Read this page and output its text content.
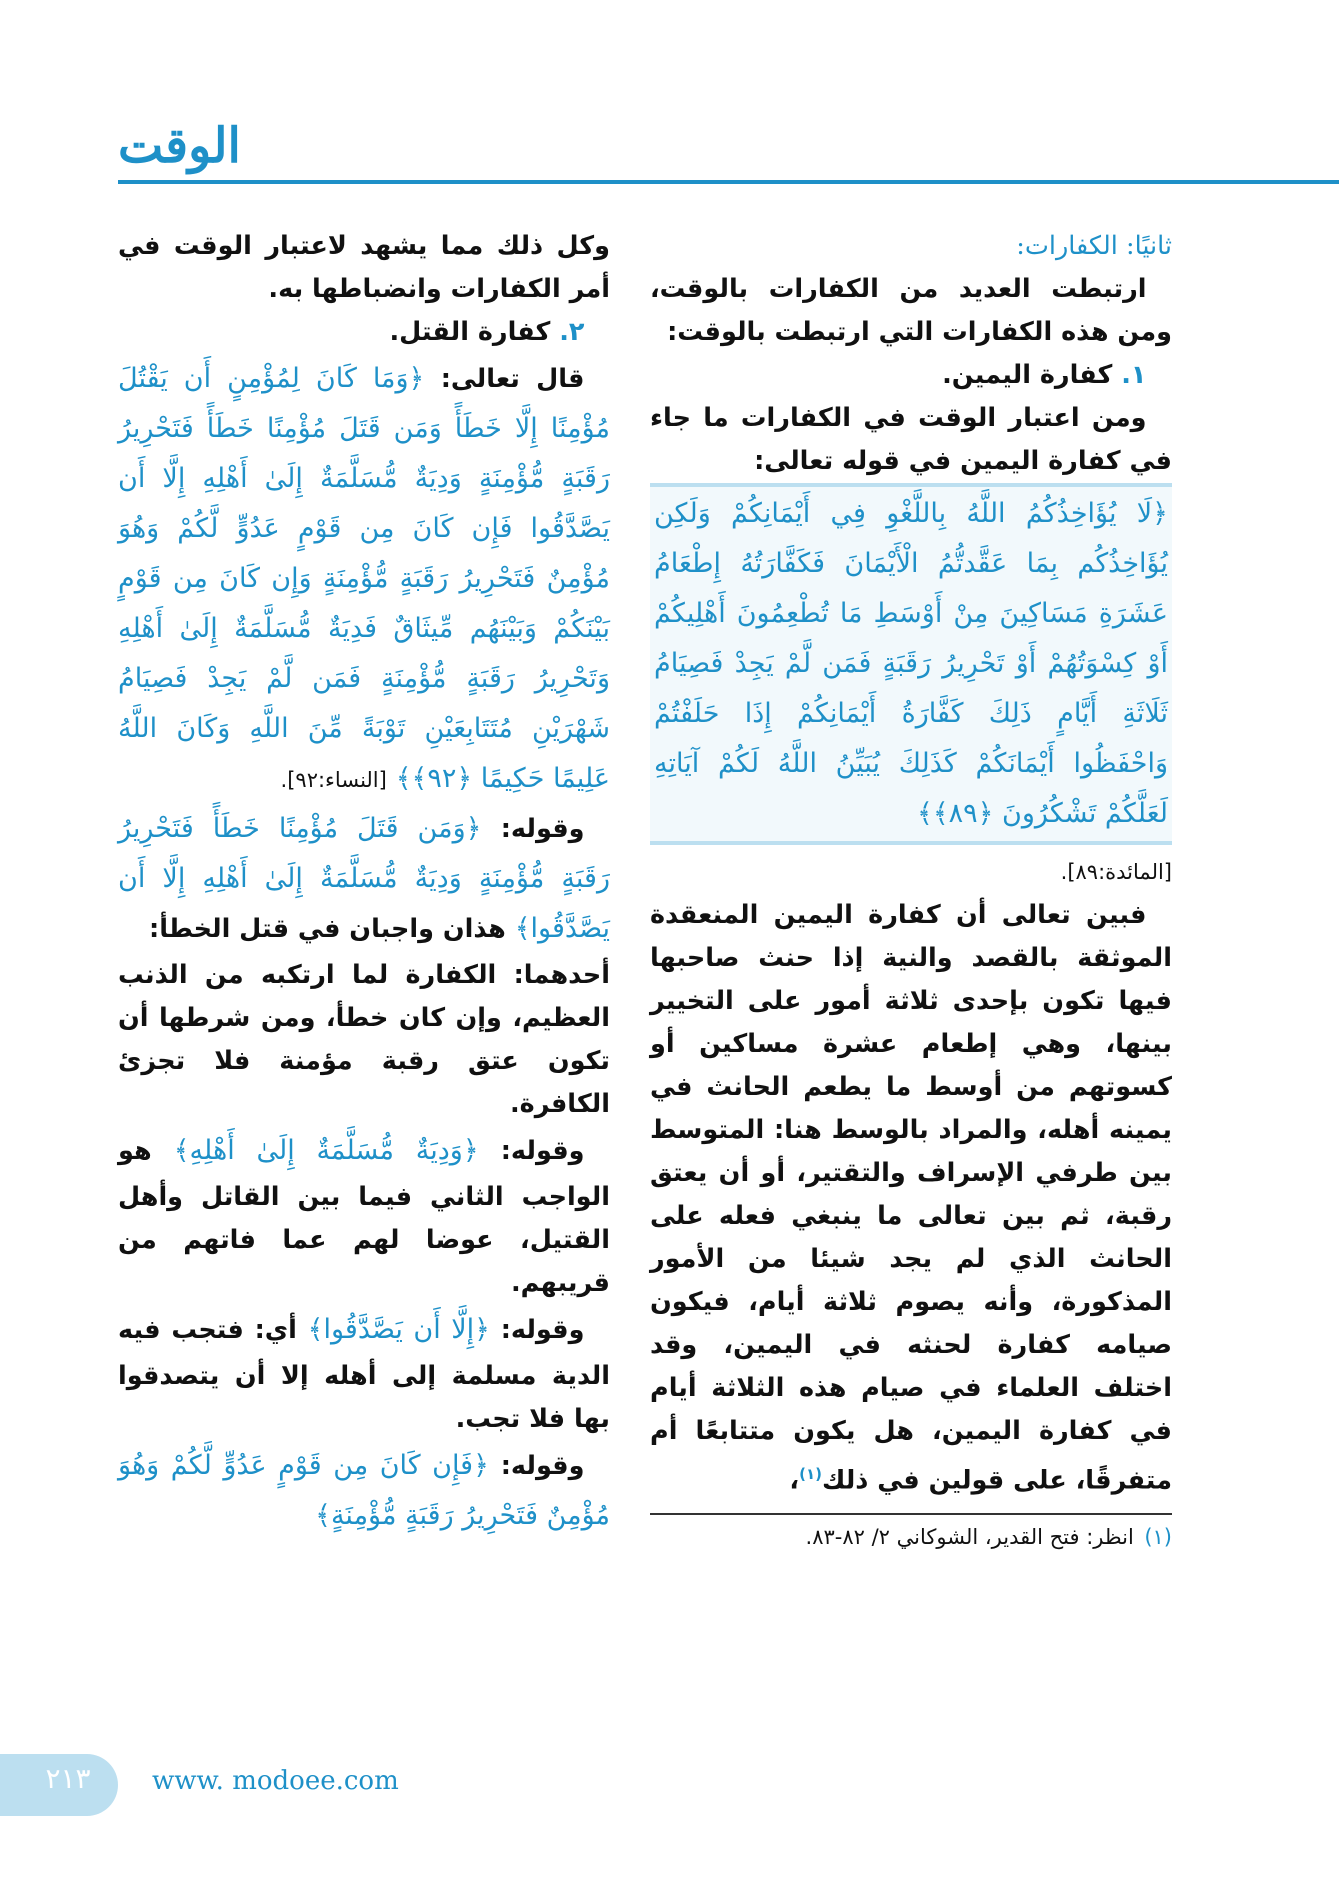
الوقت

ثانيًا: الكفارات:

 ارتبطت العديد من الكفارات بالوقت، ومن هذه الكفارات التي ارتبطت بالوقت:

 ١. كفارة اليمين.

 ومن اعتبار الوقت في الكفارات ما جاء في كفارة اليمين في قوله تعالى:

﴿لَا يُؤَاخِذُكُمُ اللَّهُ بِاللَّغْوِ فِي أَيْمَانِكُمْ وَلَكِن يُؤَاخِذُكُم بِمَا عَقَّدتُّمُ الْأَيْمَانَ فَكَفَّارَتُهُ إِطْعَامُ عَشَرَةِ مَسَاكِينَ مِنْ أَوْسَطِ مَا تُطْعِمُونَ أَهْلِيكُمْ أَوْ كِسْوَتُهُمْ أَوْ تَحْرِيرُ رَقَبَةٍ فَمَن لَّمْ يَجِدْ فَصِيَامُ ثَلَاثَةِ أَيَّامٍ ذَلِكَ كَفَّارَةُ أَيْمَانِكُمْ إِذَا حَلَفْتُمْ وَاحْفَظُوا أَيْمَانَكُمْ كَذَلِكَ يُبَيِّنُ اللَّهُ لَكُمْ آيَاتِهِ لَعَلَّكُمْ تَشْكُرُونَ ﴿٨٩﴾﴾

[المائدة:٨٩].

 فبين تعالى أن كفارة اليمين المنعقدة الموثقة بالقصد والنية إذا حنث صاحبها فيها تكون بإحدى ثلاثة أمور على التخيير بينها، وهي إطعام عشرة مساكين أو كسوتهم من أوسط ما يطعم الحانث في يمينه أهله، والمراد بالوسط هنا: المتوسط بين طرفي الإسراف والتقتير، أو أن يعتق رقبة، ثم بين تعالى ما ينبغي فعله على الحانث الذي لم يجد شيئا من الأمور المذكورة، وأنه يصوم ثلاثة أيام، فيكون صيامه كفارة لحنثه في اليمين، وقد اختلف العلماء في صيام هذه الثلاثة أيام في كفارة اليمين، هل يكون متتابعًا أم متفرقًا، على قولين في ذلك$^{(١)}$،

(١) انظر: فتح القدير، الشوكاني ٢/ ٨٢-٨٣.

وكل ذلك مما يشهد لاعتبار الوقت في أمر الكفارات وانضباطها به.

 ٢. كفارة القتل.

 قال تعالى: ﴿وَمَا كَانَ لِمُؤْمِنٍ أَن يَقْتُلَ مُؤْمِنًا إِلَّا خَطَأً وَمَن قَتَلَ مُؤْمِنًا خَطَأً فَتَحْرِيرُ رَقَبَةٍ مُّؤْمِنَةٍ وَدِيَةٌ مُّسَلَّمَةٌ إِلَىٰ أَهْلِهِ إِلَّا أَن يَصَّدَّقُوا فَإِن كَانَ مِن قَوْمٍ عَدُوٍّ لَّكُمْ وَهُوَ مُؤْمِنٌ فَتَحْرِيرُ رَقَبَةٍ مُّؤْمِنَةٍ وَإِن كَانَ مِن قَوْمٍ بَيْنَكُمْ وَبَيْنَهُم مِّيثَاقٌ فَدِيَةٌ مُّسَلَّمَةٌ إِلَىٰ أَهْلِهِ وَتَحْرِيرُ رَقَبَةٍ مُّؤْمِنَةٍ فَمَن لَّمْ يَجِدْ فَصِيَامُ شَهْرَيْنِ مُتَتَابِعَيْنِ تَوْبَةً مِّنَ اللَّهِ وَكَانَ اللَّهُ عَلِيمًا حَكِيمًا ﴿٩٢﴾﴾ [النساء:٩٢].

 وقوله: ﴿وَمَن قَتَلَ مُؤْمِنًا خَطَأً فَتَحْرِيرُ رَقَبَةٍ مُّؤْمِنَةٍ وَدِيَةٌ مُّسَلَّمَةٌ إِلَىٰ أَهْلِهِ إِلَّا أَن يَصَّدَّقُوا﴾ هذان واجبان في قتل الخطأ:

أحدهما: الكفارة لما ارتكبه من الذنب العظيم، وإن كان خطأ، ومن شرطها أن تكون عتق رقبة مؤمنة فلا تجزئ الكافرة.

 وقوله: ﴿وَدِيَةٌ مُّسَلَّمَةٌ إِلَىٰ أَهْلِهِ﴾ هو الواجب الثاني فيما بين القاتل وأهل القتيل، عوضا لهم عما فاتهم من قريبهم.

 وقوله: ﴿إِلَّا أَن يَصَّدَّقُوا﴾ أي: فتجب فيه الدية مسلمة إلى أهله إلا أن يتصدقوا بها فلا تجب.

 وقوله: ﴿فَإِن كَانَ مِن قَوْمٍ عَدُوٍّ لَّكُمْ وَهُوَ مُؤْمِنٌ فَتَحْرِيرُ رَقَبَةٍ مُّؤْمِنَةٍ﴾

٢١٣	www. modoee.com
